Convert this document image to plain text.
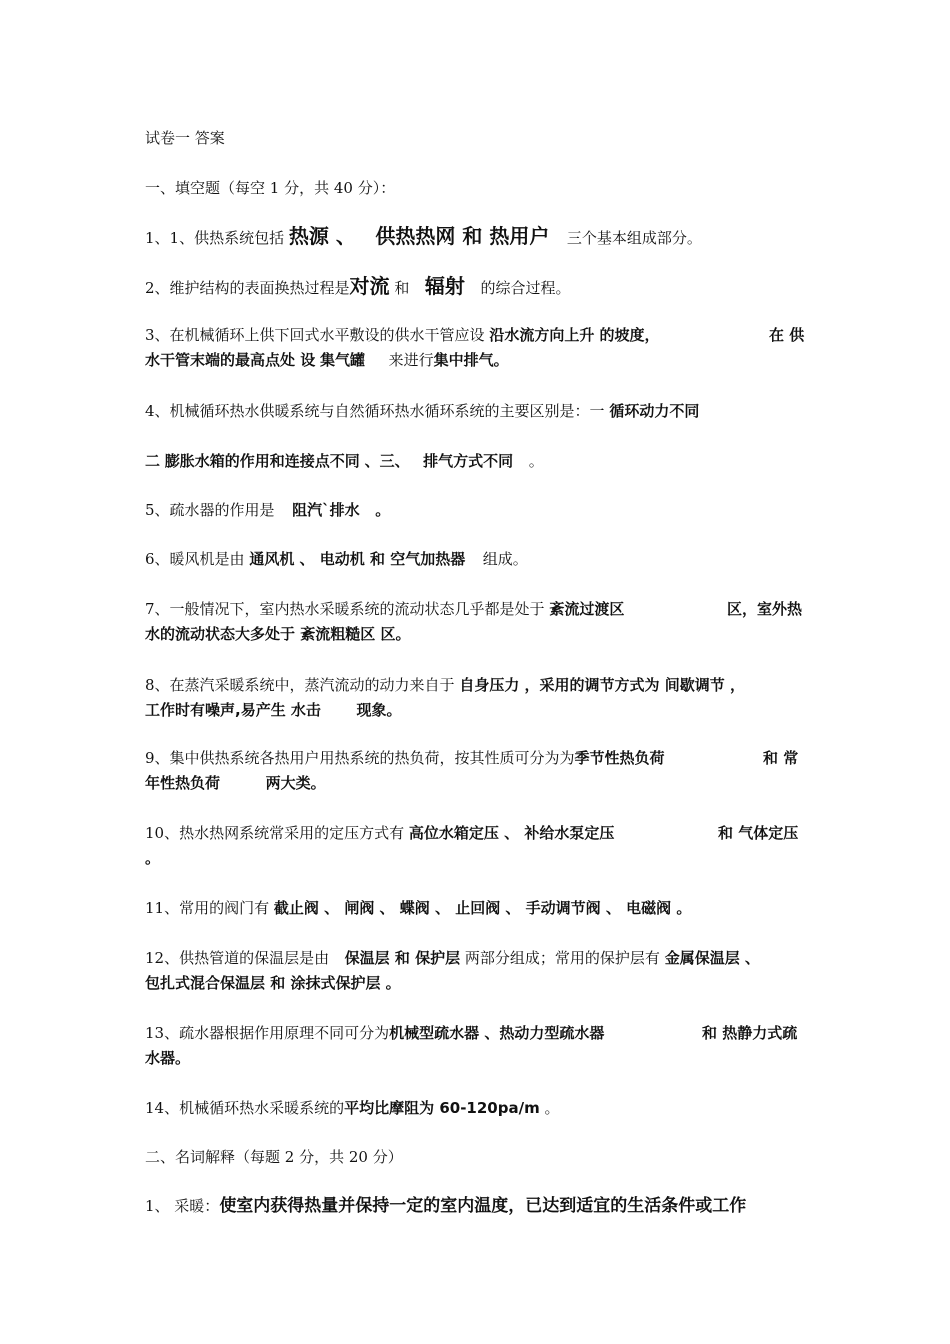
试卷一 答案
一、填空题（每空 1 分，共 40 分）：
1、1、供热系统包括 热源 、 供热热网 和 热用户 三个基本组成部分。
2、维护结构的表面换热过程是对流 和 辐射 的综合过程。
3、在机械循环上供下回式水平敷设的供水干管应设 沿水流方向上升 的坡度，	在 供
水干管末端的最高点处 设 集气罐 来进行集中排气。
4、机械循环热水供暖系统与自然循环热水循环系统的主要区别是：一 循环动力不同
二 膨胀水箱的作用和连接点不同 、三、 排气方式不同 。
5、疏水器的作用是 阻汽`排水 。
6、暖风机是由 通风机 、 电动机 和 空气加热器 组成。
7、一般情况下，室内热水采暖系统的流动状态几乎都是处于 紊流过渡区	区，室外热
水的流动状态大多处于 紊流粗糙区 区。
8、在蒸汽采暖系统中，蒸汽流动的动力来自于 自身压力 ，采用的调节方式为 间歇调节 ，
工作时有噪声,易产生 水击 现象。
9、集中供热系统各热用户用热系统的热负荷，按其性质可分为为季节性热负荷	和 常
年性热负荷	两大类。
10、热水热网系统常采用的定压方式有 高位水箱定压 、 补给水泵定压	和 气体定压
。
11、常用的阀门有 截止阀 、 闸阀 、 蝶阀 、 止回阀 、 手动调节阀 、 电磁阀 。
12、供热管道的保温层是由 保温层 和 保护层 两部分组成；常用的保护层有 金属保温层 、
包扎式混合保温层 和 涂抹式保护层 。
13、疏水器根据作用原理不同可分为机械型疏水器 、热动力型疏水器	和 热静力式疏
水器。
14、机械循环热水采暖系统的平均比摩阻为 60-120pa/m 。
二、名词解释（每题 2 分，共 20 分）
1、 采暖：使室内获得热量并保持一定的室内温度，已达到适宜的生活条件或工作
